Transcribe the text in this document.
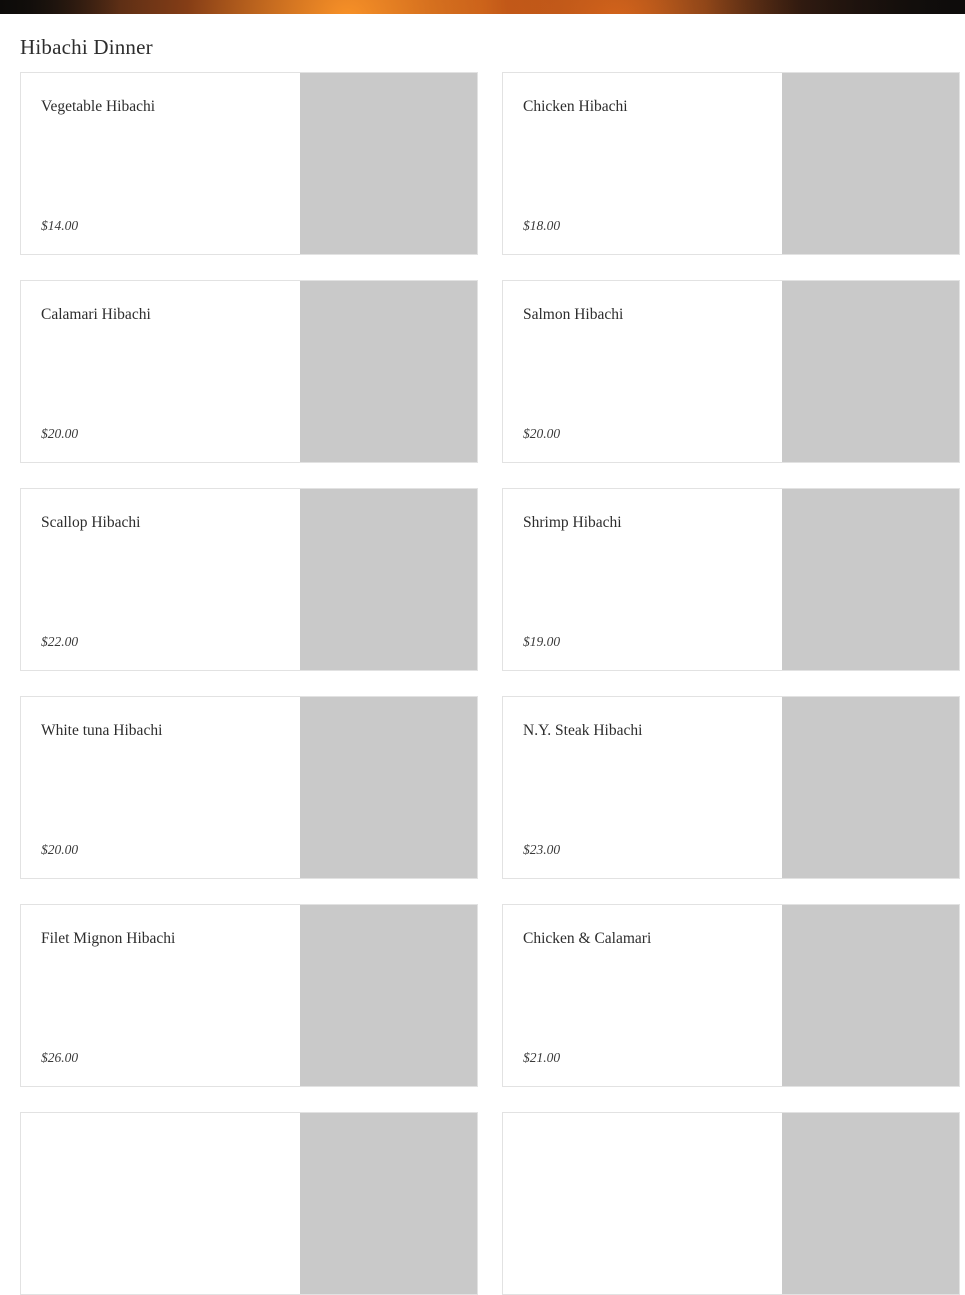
Hibachi Dinner
Vegetable Hibachi
$14.00
Chicken Hibachi
$18.00
Calamari Hibachi
$20.00
Salmon Hibachi
$20.00
Scallop Hibachi
$22.00
Shrimp Hibachi
$19.00
White tuna Hibachi
$20.00
N.Y. Steak Hibachi
$23.00
Filet Mignon Hibachi
$26.00
Chicken & Calamari
$21.00
